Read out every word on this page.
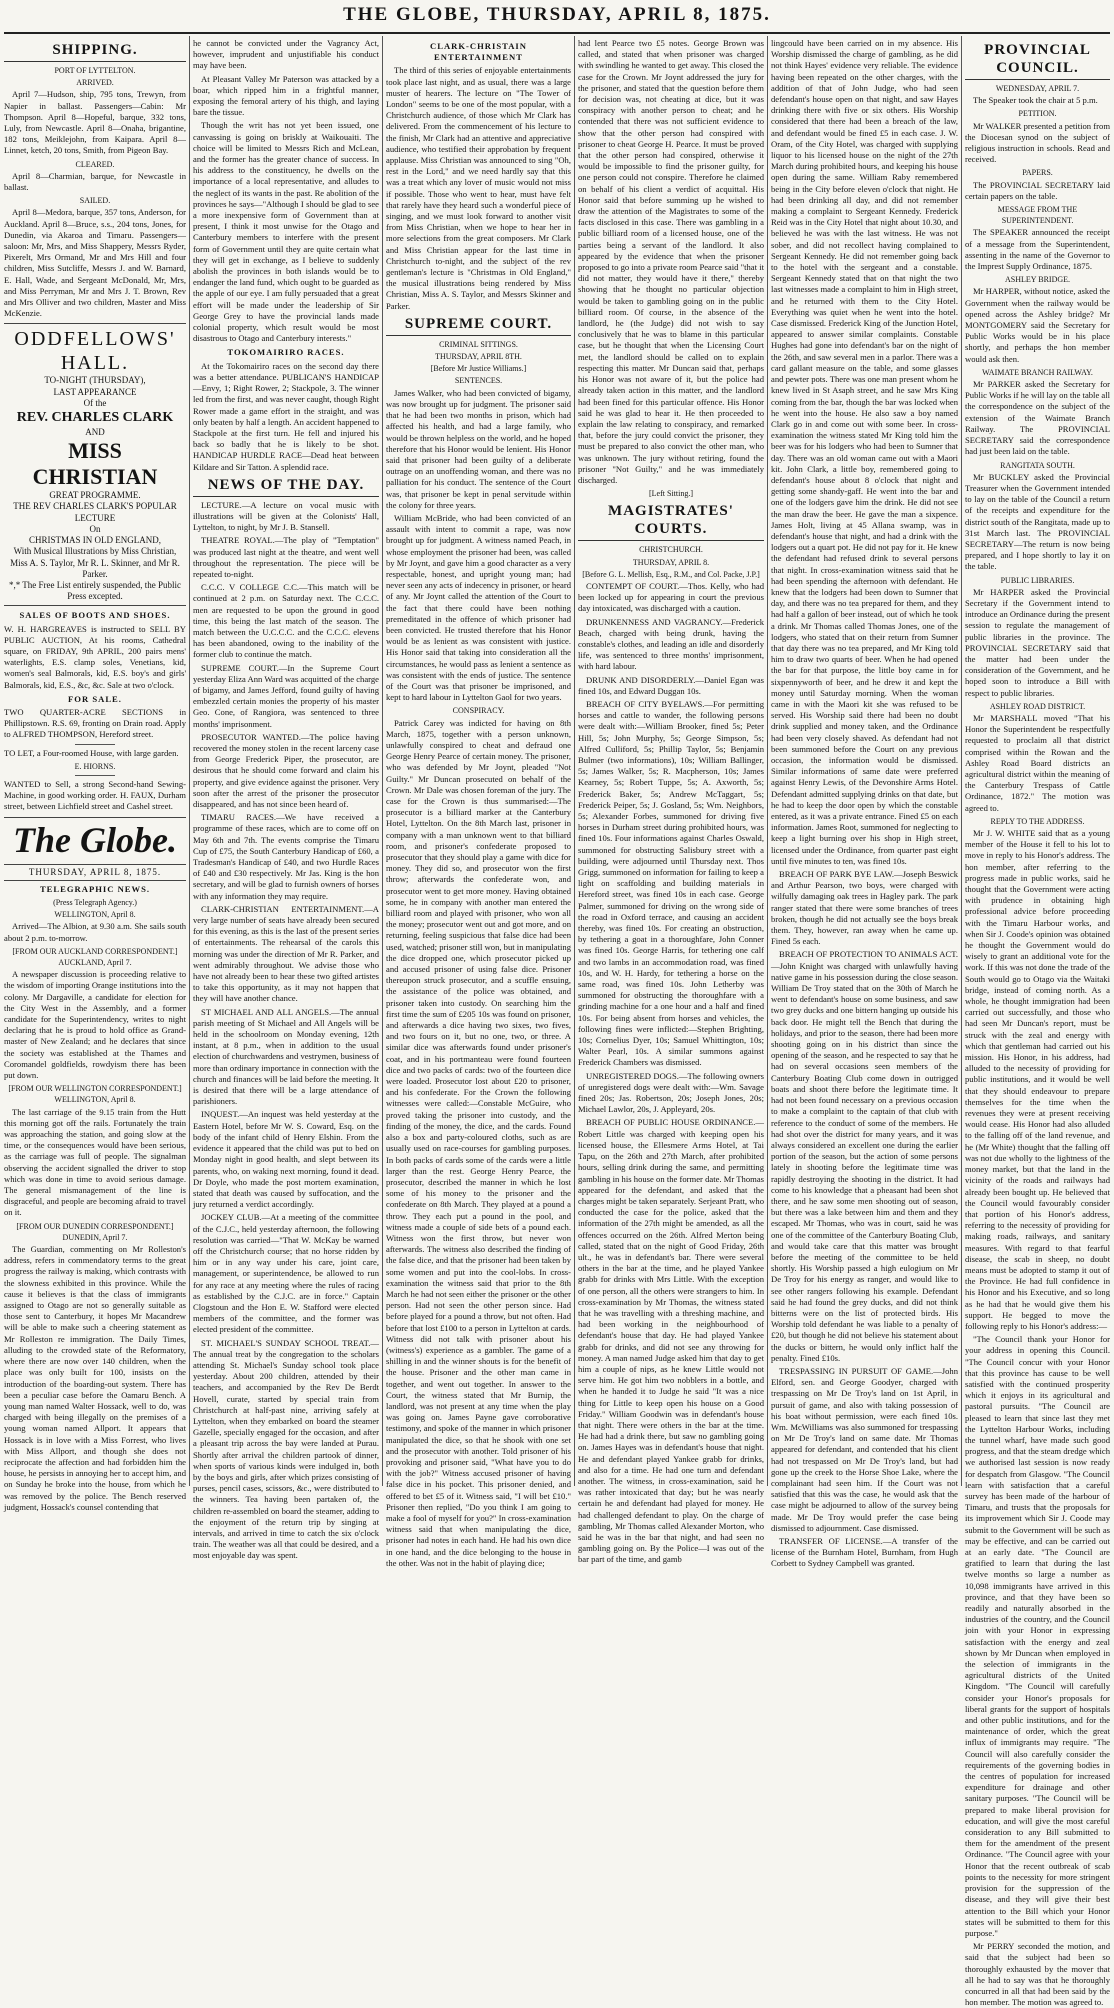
THE GLOBE, THURSDAY, APRIL 8, 1875.
SHIPPING.
PORT OF LYTTELTON.
ARRIVED.

April 7—Hudson, ship, 795 tons, Trewyn, from Napier in ballast. Passengers—Cabin: Mr Thompson. April 8—Hopeful, barque, 332 tons, Luly, from Newcastle. April 8—Onaha, brigantine, 182 tons, Meiklejohn, from Kaipara. April 8—Linnet, ketch, 20 tons, Smith, from Pigeon Bay.

CLEARED.

April 8—Charmian, barque, for Newcastle in ballast.

SAILED.

April 8—Medora, barque, 357 tons, Anderson, for Auckland. April 8—Bruce, s.s., 204 tons, Jones, for Dunedin, via Akaroa and Timaru. Passengers—saloon: Mr, Mrs, and Miss Shappery, Messrs Ryder, Pixerelt, Mrs Ormand, Mr and Mrs Hill and four children, Miss Sutcliffe, Messrs J. and W. Barnard, E. Hall, Wade, and Sergeant McDonald, Mr, Mrs, and Miss Perryman, Mr and Mrs J. T. Brown, Rev and Mrs Olliver and two children, Master and Miss McKenzie.

ODDFELLOWS' HALL.
TO-NIGHT (THURSDAY),
LAST APPEARANCE
Of the
REV. CHARLES CLARK
AND
MISS CHRISTIAN
GREAT PROGRAMME.
THE REV CHARLES CLARK'S POPULAR LECTURE
On
CHRISTMAS IN OLD ENGLAND,
With Musical Illustrations by Miss Christian, Miss A. S. Taylor, Mr R. L. Skinner, and Mr R. Parker.
*,* The Free List entirely suspended, the Public Press excepted.
SALES OF BOOTS AND SHOES.

W. H. HARGREAVES is instructed to SELL BY PUBLIC AUCTION, At his rooms, Cathedral square, on FRIDAY, 9th APRIL, 200 pairs mens' waterlights, E.S. clamp soles, Venetians, kid, women's seal Balmorals, kid, E.S. boy's and girls' Balmorals, kid, E.S., &c, &c. Sale at two o'clock.

FOR SALE.

TWO QUARTER-ACRE SECTIONS in Phillipstown. R.S. 69, fronting on Drain road. Apply to ALFRED THOMPSON, Hereford street.

TO LET, a Four-roomed House, with large garden.

E. HIORNS.

WANTED to Sell, a strong Second-hand Sewing-Machine, in good working order. H. FAUX, Durham street, between Lichfield street and Cashel street.

The Globe.
THURSDAY, APRIL 8, 1875.
TELEGRAPHIC NEWS.
(Press Telegraph Agency.)
WELLINGTON, April 8.

Arrived—The Albion, at 9.30 a.m. She sails south about 2 p.m. to-morrow.

[FROM OUR AUCKLAND CORRESPONDENT.] AUCKLAND, April 7.

A newspaper discussion is proceeding relative to the wisdom of importing Orange institutions into the colony. Mr Dargaville, a candidate for election for the City West in the Assembly, and a former candidate for the Superintendency, writes to night declaring that he is proud to hold office as Grand-master of New Zealand; and he declares that since the society was established at the Thames and Coromandel goldfields, rowdyism there has been put down.

[FROM OUR WELLINGTON CORRESPONDENT.] WELLINGTON, April 8.

The last carriage of the 9.15 train from the Hutt this morning got off the rails. Fortunately the train was approaching the station, and going slow at the time, or the consequences would have been serious, as the carriage was full of people. The signalman observing the accident signalled the driver to stop which was done in time to avoid serious damage. The general mismanagement of the line is disgraceful, and people are becoming afraid to travel on it.

[FROM OUR DUNEDIN CORRESPONDENT.] DUNEDIN, April 7.

The Guardian, commenting on Mr Rolleston's address, refers in commendatory terms to the great progress the railway is making, which contrasts with the slowness exhibited in this province. While the cause it believes is that the class of immigrants assigned to Otago are not so generally suitable as those sent to Canterbury, it hopes Mr Macandrew will be able to make such a cheering statement as Mr Rolleston re immigration. The Daily Times, alluding to the crowded state of the Reformatory, where there are now over 140 children, when the place was only built for 100, insists on the introduction of the boarding-out system. There has been a peculiar case before the Oamaru Bench. A young man named Walter Hossack, well to do, was charged with being illegally on the premises of a young woman named Allport. It appears that Hossack is in love with a Miss Forrest, who lives with Miss Allport, and though she does not reciprocate the affection and had forbidden him the house, he persists in annoying her to accept him, and on Sunday he broke into the house, from which he was removed by the police. The Bench reserved judgment, Hossack's counsel contending that

he cannot be convicted under the Vagrancy Act, however, imprudent and unjustifiable his conduct may have been.

At Pleasant Valley Mr Paterson was attacked by a boar, which ripped him in a frightful manner, exposing the femoral artery of his thigh, and laying bare the tissue.

Though the writ has not yet been issued, one canvassing is going on briskly at Waikouaiti. The choice will be limited to Messrs Rich and McLean, and the former has the greater chance of success. In his address to the constituency, he dwells on the importance of a local representative, and alludes to the neglect of its wants in the past. Re abolition of the provinces he says—"Although I should be glad to see a more inexpensive form of Government than at present, I think it most unwise for the Otago and Canterbury members to interfere with the present form of Government until they are quite certain what they will get in exchange, as I believe to suddenly abolish the provinces in both islands would be to endanger the land fund, which ought to be guarded as the apple of our eye. I am fully persuaded that a great effort will be made under the leadership of Sir George Grey to have the provincial lands made colonial property, which result would be most disastrous to Otago and Canterbury interests."

TOKOMAIRIRO RACES.

At the Tokomairiro races on the second day there was a better attendance. PUBLICAN'S HANDICAP—Envy, 1; Right Rower, 2; Stackpole, 3. The winner led from the first, and was never caught, though Right Rower made a game effort in the straight, and was only beaten by half a length. An accident happened to Stackpole at the first turn. He fell and injured his back so badly that he is likely to be shot. HANDICAP HURDLE RACE—Dead heat between Kildare and Sir Tatton. A splendid race.

NEWS OF THE DAY.

LECTURE.—A lecture on vocal music with illustrations will be given at the Colonists' Hall, Lyttelton, to night, by Mr J. B. Stansell.

THEATRE ROYAL.—The play of "Temptation" was produced last night at the theatre, and went well throughout the representation. The piece will be repeated to-night.

C.C.C. V COLLEGE C.C.—This match will be continued at 2 p.m. on Saturday next. The C.C.C. men are requested to be upon the ground in good time, this being the last match of the season. The match between the U.C.C.C. and the C.C.C. elevens has been abandoned, owing to the inability of the former club to continue the match.

SUPREME COURT.—In the Supreme Court yesterday Eliza Ann Ward was acquitted of the charge of bigamy, and James Jefford, found guilty of having embezzled certain monies the property of his master Geo. Cone, of Rangiora, was sentenced to three months' imprisonment.

PROSECUTOR WANTED.—The police having recovered the money stolen in the recent larceny case from George Frederick Piper, the prosecutor, are desirous that he should come forward and claim his property, and give evidence against the prisoner. Very soon after the arrest of the prisoner the prosecutor disappeared, and has not since been heard of.

TIMARU RACES.—We have received a programme of these races, which are to come off on May 6th and 7th. The events comprise the Timaru Cup of £75, the South Canterbury Handicap of £60, a Tradesman's Handicap of £40, and two Hurdle Races of £40 and £30 respectively. Mr Jas. King is the hon secretary, and will be glad to furnish owners of horses with any information they may require.

CLARK-CHRISTIAN ENTERTAINMENT.—A very large number of seats have already been secured for this evening, as this is the last of the present series of entertainments. The rehearsal of the carols this morning was under the direction of Mr R. Parker, and went admirably throughout. We advise those who have not already been to hear these two gifted artistes to take this opportunity, as it may not happen that they will have another chance.

ST MICHAEL AND ALL ANGELS.—The annual parish meeting of St Michael and All Angels will be held in the schoolroom on Monday evening, 12th instant, at 8 p.m., when in addition to the usual election of churchwardens and vestrymen, business of more than ordinary importance in connection with the church and finances will be laid before the meeting. It is desired that there will be a large attendance of parishioners.

INQUEST.—An inquest was held yesterday at the Eastern Hotel, before Mr W. S. Coward, Esq. on the body of the infant child of Henry Elshin. From the evidence it appeared that the child was put to bed on Monday night in good health, and slept between its parents, who, on waking next morning, found it dead. Dr Doyle, who made the post mortem examination, stated that death was caused by suffocation, and the jury returned a verdict accordingly.

JOCKEY CLUB.—At a meeting of the committee of the C.J.C., held yesterday afternoon, the following resolution was carried—"That W. McKay be warned off the Christchurch course; that no horse ridden by him or in any way under his care, joint care, management, or superintendence, be allowed to run for any race at any meeting where the rules of racing as established by the C.J.C. are in force." Captain Clogstoun and the Hon E. W. Stafford were elected members of the committee, and the former was elected president of the committee.

ST. MICHAEL'S SUNDAY SCHOOL TREAT.—The annual treat by the congregation to the scholars attending St. Michael's Sunday school took place yesterday. About 200 children, attended by their teachers, and accompanied by the Rev De Berdt Hovell, curate, started by special train from Christchurch at half-past nine, arriving safely at Lyttelton, when they embarked on board the steamer Gazelle, specially engaged for the occasion, and after a pleasant trip across the bay were landed at Purau. Shortly after arrival the children partook of dinner, when sports of various kinds were indulged in, both by the boys and girls, after which prizes consisting of purses, pencil cases, scissors, &c., were distributed to the winners. Tea having been partaken of, the children re-assembled on board the steamer, adding to the enjoyment of the return trip by singing at intervals, and arrived in time to catch the six o'clock train. The weather was all that could be desired, and a most enjoyable day was spent.

CLARK-CHRISTAIN ENTERTAINMENT

The third of this series of enjoyable entertainments took place last night, and as usual, there was a large muster of hearers. The lecture on "The Tower of London" seems to be one of the most popular, with a Christchurch audience, of those which Mr Clark has delivered. From the commencement of his lecture to the finish, Mr Clark had an attentive and appreciative audience, who testified their approbation by frequent applause. Miss Christian was announced to sing "Oh, rest in the Lord," and we need hardly say that this was a treat which any lover of music would not miss if possible. Those who went to hear, must have felt that rarely have they heard such a wonderful piece of singing, and we must look forward to another visit from Miss Christian, when we hope to hear her in more selections from the great composers. Mr Clark and Miss Christian appear for the last time in Christchurch to-night, and the subject of the rev gentleman's lecture is "Christmas in Old England," the musical illustrations being rendered by Miss Christian, Miss A. S. Taylor, and Messrs Skinner and Parker.

SUPREME COURT.
CRIMINAL SITTINGS.
THURSDAY, APRIL 8TH.
[Before Mr Justice Williams.]
SENTENCES.

James Walker, who had been convicted of bigamy, was now brought up for judgment. The prisoner said that he had been two months in prison, which had affected his health, and had a large family, who would be thrown helpless on the world, and he hoped therefore that his Honor would be lenient. His Honor said that prisoner had been guilty of a deliberate outrage on an unoffending woman, and there was no palliation for his conduct. The sentence of the Court was, that prisoner be kept in penal servitude within the colony for three years.

William McBride, who had been convicted of an assault with intent to commit a rape, was now brought up for judgment. A witness named Peach, in whose employment the prisoner had been, was called by Mr Joynt, and gave him a good character as a very respectable, honest, and upright young man; had never seen any acts of indecency in prisoner, or heard of any. Mr Joynt called the attention of the Court to the fact that there could have been nothing premeditated in the offence of which prisoner had been convicted. He trusted therefore that his Honor would be as lenient as was consistent with justice. His Honor said that taking into consideration all the circumstances, he would pass as lenient a sentence as was consistent with the ends of justice. The sentence of the Court was that prisoner be imprisoned, and kept to hard labour in Lyttelton Gaol for two years.

CONSPIRACY.

Patrick Carey was indicted for having on 8th March, 1875, together with a person unknown, unlawfully conspired to cheat and defraud one George Henry Pearce of certain money. The prisoner, who was defended by Mr Joynt, pleaded "Not Guilty." Mr Duncan prosecuted on behalf of the Crown. Mr Dale was chosen foreman of the jury. The case for the Crown is thus summarised:—The prosecutor is a billiard marker at the Canterbury Hotel, Lyttelton. On the 8th March last, prisoner in company with a man unknown went to that billiard room, and prisoner's confederate proposed to prosecutor that they should play a game with dice for money. They did so, and prosecutor won the first throw; afterwards the confederate won, and prosecutor went to get more money. Having obtained some, he in company with another man entered the billiard room and played with prisoner, who won all the money; prosecutor went out and got more, and on returning, feeling suspicious that false dice had been used, watched; prisoner still won, but in manipulating the dice dropped one, which prosecutor picked up and accused prisoner of using false dice. Prisoner thereupon struck prosecutor, and a scuffle ensuing, the assistance of the police was obtained, and prisoner taken into custody. On searching him the first time the sum of £205 10s was found on prisoner, and afterwards a dice having two sixes, two fives, and two fours on it, but no one, two, or three. A similar dice was afterwards found under prisoner's coat, and in his portmanteau were found fourteen dice and two packs of cards: two of the fourteen dice were loaded. Prosecutor lost about £20 to prisoner, and his confederate. For the Crown the following witnesses were called:—Constable McGuire, who proved taking the prisoner into custody, and the finding of the money, the dice, and the cards. Found also a box and party-coloured cloths, such as are usually used on race-courses for gambling purposes. In both packs of cards some of the cards were a little larger than the rest. George Henry Pearce, the prosecutor, described the manner in which he lost some of his money to the prisoner and the confederate on 8th March. They played at a pound a throw. They each put a pound in the pool, and witness made a couple of side bets of a pound each. Witness won the first throw, but never won afterwards. The witness also described the finding of the false dice, and that the prisoner had been taken by some women and put into the cool-lobs. In cross-examination the witness said that prior to the 8th March he had not seen either the prisoner or the other person. Had not seen the other person since. Had before played for a pound a throw, but not often. Had before that lost £100 to a person in Lyttelton at cards. Witness did not talk with prisoner about his (witness's) experience as a gambler. The game of a shilling in and the winner shouts is for the benefit of the house. Prisoner and the other man came in together, and went out together. In answer to the Court, the witness stated that Mr Burnip, the landlord, was not present at any time when the play was going on. James Payne gave corroborative testimony, and spoke of the manner in which prisoner manipulated the dice, so that he shook with one set and the prosecutor with another. Told prisoner of his provoking and prisoner said, "What have you to do with the job?" Witness accused prisoner of having false dice in his pocket. This prisoner denied, and offered to bet £5 of it. Witness said, "I will bet £10." Prisoner then replied, "Do you think I am going to make a fool of myself for you?" In cross-examination witness said that when manipulating the dice, prisoner had notes in each hand. He had his own dice in one hand, and the dice belonging to the house in the other. Was not in the habit of playing dice;

had lent Pearce two £5 notes. George Brown was called, and stated that when prisoner was charged with swindling he wanted to get away. This closed the case for the Crown. Mr Joynt addressed the jury for the prisoner, and stated that the question before them for decision was, not cheating at dice, but it was conspiracy with another person to cheat; and he contended that there was not sufficient evidence to show that the other person had conspired with prisoner to cheat George H. Pearce. It must be proved that the other person had conspired, otherwise it would be impossible to find the prisoner guilty, for one person could not conspire. Therefore he claimed on behalf of his client a verdict of acquittal. His Honor said that before summing up he wished to draw the attention of the Magistrates to some of the facts disclosed in this case. There was gambling in a public billiard room of a licensed house, one of the parties being a servant of the landlord. It also appeared by the evidence that when the prisoner proposed to go into a private room Pearce said "that it did not matter, they would have it there," thereby showing that he thought no particular objection would be taken to gambling going on in the public billiard room. Of course, in the absence of the landlord, he (the Judge) did not wish to say conclusively that he was to blame in this particular case, but he thought that when the Licensing Court met, the landlord should be called on to explain respecting this matter. Mr Duncan said that, perhaps his Honor was not aware of it, but the police had already taken action in this matter, and the landlord had been fined for this particular offence. His Honor said he was glad to hear it. He then proceeded to explain the law relating to conspiracy, and remarked that, before the jury could convict the prisoner, they must be prepared to also convict the other man, who was unknown. The jury without retiring, found the prisoner "Not Guilty," and he was immediately discharged.

[Left Sitting.]
MAGISTRATES' COURTS.
CHRISTCHURCH.
THURSDAY, APRIL 8.
[Before G. L. Mellish, Esq., R.M., and Col. Packe, J.P.]

CONTEMPT OF COURT.—Thos. Kelly, who had been locked up for appearing in court the previous day intoxicated, was discharged with a caution.

DRUNKENNESS AND VAGRANCY.—Frederick Beach, charged with being drunk, having the constable's clothes, and leading an idle and disorderly life, was sentenced to three months' imprisonment, with hard labour.

DRUNK AND DISORDERLY.—Daniel Egan was fined 10s, and Edward Duggan 10s.

BREACH OF CITY BYELAWS.—For permitting horses and cattle to wander, the following persons were dealt with:—William Brooker, fined 5s; Peter Hill, 5s; John Murphy, 5s; George Simpson, 5s; Alfred Culliford, 5s; Phillip Taylor, 5s; Benjamin Bulmer (two informations), 10s; William Ballinger, 5s; James Walker, 5s; R. Macpherson, 10s; James Kearney, 5s; Robert Tuppe, 5s; A. Axworth, 5s; Frederick Baker, 5s; Andrew McTaggart, 5s; Frederick Peiper, 5s; J. Gosland, 5s; Wm. Neighbors, 5s; Alexander Forbes, summoned for driving five horses in Durham street during prohibited hours, was fined 10s. Four informations against Charles Oswald, summoned for obstructing Salisbury street with a building, were adjourned until Thursday next. Thos Grigg, summoned on information for failing to keep a light on scaffolding and building materials in Hereford street, was fined 10s in each case. George Palmer, summoned for driving on the wrong side of the road in Oxford terrace, and causing an accident thereby, was fined 10s. For creating an obstruction, by tethering a goat in a thoroughfare, John Conner was fined 10s. George Harris, for tethering one calf and two lambs in an accommodation road, was fined 10s, and W. H. Hardy, for tethering a horse on the same road, was fined 10s. John Letherby was summoned for obstructing the thoroughfare with a grinding machine for a one hour and a half and fined 10s. For being absent from horses and vehicles, the following fines were inflicted:—Stephen Brighting, 10s; Cornelius Dyer, 10s; Samuel Whittington, 10s; Walter Pearl, 10s. A similar summons against Frederick Chambers was dismissed.

UNREGISTERED DOGS.—The following owners of unregistered dogs were dealt with:—Wm. Savage fined 20s; Jas. Robertson, 20s; Joseph Jones, 20s; Michael Lawlor, 20s, J. Appleyard, 20s.

BREACH OF PUBLIC HOUSE ORDINANCE.—Robert Little was charged with keeping open his licensed house, the Ellesmere Arms Hotel, at Tai Tapu, on the 26th and 27th March, after prohibited hours, selling drink during the same, and permitting gambling in his house on the former date. Mr Thomas appeared for the defendant, and asked that the charges might be taken separately. Serjeant Pratt, who conducted the case for the police, asked that the information of the 27th might be amended, as all the offences occurred on the 26th. Alfred Merton being called, stated that on the night of Good Friday, 26th ult., he was in defendant's bar. There were several others in the bar at the time, and he played Yankee grabb for drinks with Mrs Little. With the exception of one person, all the others were strangers to him. In cross-examination by Mr Thomas, the witness stated that he was travelling with a threshing machine, and had been working in the neighbourhood of defendant's house that day. He had played Yankee grabb for drinks, and did not see any throwing for money. A man named Judge asked him that day to get him a couple of nips, as he knew Little would not serve him. He got him two nobblers in a bottle, and when he handed it to Judge he said "It was a nice thing for Little to keep open his house on a Good Friday." William Goodwin was in defendant's house that night. There were others in the bar at the time. He had had a drink there, but saw no gambling going on. James Hayes was in defendant's house that night. He and defendant played Yankee grabb for drinks, and also for a time. He had one turn and defendant another. The witness, in cross-examination, said he was rather intoxicated that day; but he was nearly certain he and defendant had played for money. He had challenged defendant to play. On the charge of gambling, Mr Thomas called Alexander Morton, who said he was in the bar that night, and had seen no gambling going on. By the Police—I was out of the bar part of the time, and gamb

lingcould have been carried on in my absence. His Worship dismissed the charge of gambling, as he did not think Hayes' evidence very reliable. The evidence having been repeated on the other charges, with the addition of that of John Judge, who had seen defendant's house open on that night, and saw Hayes drinking there with five or six others. His Worship considered that there had been a breach of the law, and defendant would be fined £5 in each case. J. W. Oram, of the City Hotel, was charged with supplying liquor to his licensed house on the night of the 27th March during prohibited hours, and keeping his house open during the same. William Raby remembered being in the City before eleven o'clock that night. He had been drinking all day, and did not remember making a complaint to Sergeant Kennedy. Frederick Reid was in the City Hotel that night about 10.30, and believed he was with the last witness. He was not sober, and did not recollect having complained to Sergeant Kennedy. He did not remember going back to the hotel with the sergeant and a constable. Sergeant Kennedy stated that on that night the two last witnesses made a complaint to him in High street, and he returned with them to the City Hotel. Everything was quiet when he went into the hotel. Case dismissed. Frederick King of the Junction Hotel, appeared to answer similar complaints. Constable Hughes had gone into defendant's bar on the night of the 26th, and saw several men in a parlor. There was a card gallant measure on the table, and some glasses and pewter pots. There was one man present whom he knew lived in St Asaph street, and he saw Mrs King coming from the bar, though the bar was locked when he went into the house. He also saw a boy named Clark go in and come out with some beer. In cross-examination the witness stated Mr King told him the beer was for his lodgers who had been to Sumner that day. There was an old woman came out with a Maori kit. John Clark, a little boy, remembered going to defendant's house about 8 o'clock that night and getting some shandy-gaff. He went into the bar and one of the lodgers gave him the drink. He did not see the man draw the beer. He gave the man a sixpence. James Holt, living at 45 Allana swamp, was in defendant's house that night, and had a drink with the lodgers out a quart pot. He did not pay for it. He knew the defendant had refused drink to several persons that night. In cross-examination witness said that he had been spending the afternoon with defendant. He knew that the lodgers had been down to Sumner that day, and there was no tea prepared for them, and they had half a gallon of beer instead, out of which he took a drink. Mr Thomas called Thomas Jones, one of the lodgers, who stated that on their return from Sumner that day there was no tea prepared, and Mr King told him to draw two quarts of beer. When he had opened the bar for that purpose, the little boy came in for sixpennyworth of beer, and he drew it and kept the money until Saturday morning. When the woman came in with the Maori kit she was refused to be served. His Worship said there had been no doubt drink supplied and money taken, and the Ordinance had been very closely shaved. As defendant had not been summoned before the Court on any previous occasion, the information would be dismissed. Similar informations of same date were preferred against Henry Lewis, of the Devonshire Arms Hotel. Defendant admitted supplying drinks on that date, but he had to keep the door open by which the constable entered, as it was a private entrance. Fined £5 on each information. James Root, summoned for neglecting to keep a light burning over his shop in High street, licensed under the Ordinance, from quarter past eight until five minutes to ten, was fined 10s.

BREACH OF PARK BYE LAW.—Joseph Beswick and Arthur Pearson, two boys, were charged with wilfully damaging oak trees in Hagley park. The park ranger stated that there were some branches of trees broken, though he did not actually see the boys break them. They, however, ran away when he came up. Fined 5s each.

BREACH OF PROTECTION TO ANIMALS ACT.—John Knight was charged with unlawfully having native game in his possession during the close season. William De Troy stated that on the 30th of March he went to defendant's house on some business, and saw two grey ducks and one bittern hanging up outside his back door. He might tell the Bench that during the holidays, and prior to the season, there had been more shooting going on in his district than since the opening of the season, and he respected to say that he had on several occasions seen members of the Canterbury Boating Club come down in outrigged boats and shoot there before the legitimate time. It had not been found necessary on a previous occasion to make a complaint to the captain of that club with reference to the conduct of some of the members. He had shot over the district for many years, and it was always considered an excellent one during the earlier portion of the season, but the action of some persons lately in shooting before the legitimate time was rapidly destroying the shooting in the district. It had come to his knowledge that a pheasant had been shot there, and he saw some men shooting out of season, but there was a lake between him and them and they escaped. Mr Thomas, who was in court, said he was one of the committee of the Canterbury Boating Club, and would take care that this matter was brought before the meeting of the committee to be held shortly. His Worship passed a high eulogium on Mr De Troy for his energy as ranger, and would like to see other rangers following his example. Defendant said he had found the grey ducks, and did not think bitterns were on the list of protected birds. His Worship told defendant he was liable to a penalty of £20, but though he did not believe his statement about the ducks or bittern, he would only inflict half the penalty. Fined £10s.

TRESPASSING IN PURSUIT OF GAME.—John Elford, sen. and George Goodyer, charged with trespassing on Mr De Troy's land on 1st April, in pursuit of game, and also with taking possession of his boat without permission, were each fined 10s. Wm. McWilliams was also summoned for trespassing on Mr De Troy's land on same date. Mr Thomas appeared for defendant, and contended that his client had not trespassed on Mr De Troy's land, but had gone up the creek to the Horse Shoe Lake, where the complainant had seen him. If the Court was not satisfied that this was the case, he would ask that the case might be adjourned to allow of the survey being made. Mr De Troy would prefer the case being dismissed to adjournment. Case dismissed.

TRANSFER OF LICENSE.—A transfer of the license of the Burnham Hotel, Burnham, from Hugh Corbett to Sydney Campbell was granted.

PROVINCIAL COUNCIL.
WEDNESDAY, APRIL 7.

The Speaker took the chair at 5 p.m.

PETITION.

Mr WALKER presented a petition from the Diocesan synod on the subject of religious instruction in schools. Read and received.

PAPERS.

The PROVINCIAL SECRETARY laid certain papers on the table.

MESSAGE FROM THE SUPERINTENDENT.

The SPEAKER announced the receipt of a message from the Superintendent, assenting in the name of the Governor to the Imprest Supply Ordinance, 1875.

ASHLEY BRIDGE.

Mr HARPER, without notice, asked the Government when the railway would be opened across the Ashley bridge? Mr MONTGOMERY said the Secretary for Public Works would be in his place shortly, and perhaps the hon member would ask then.

WAIMATE BRANCH RAILWAY.

Mr PARKER asked the Secretary for Public Works if he will lay on the table all the correspondence on the subject of the extension of the Waimate Branch Railway. The PROVINCIAL SECRETARY said the correspondence had just been laid on the table.

RANGITATA SOUTH.

Mr BUCKLEY asked the Provincial Treasurer when the Government intended to lay on the table of the Council a return of the receipts and expenditure for the district south of the Rangitata, made up to 31st March last. The PROVINCIAL SECRETARY—The return is now being prepared, and I hope shortly to lay it on the table.

PUBLIC LIBRARIES.

Mr HARPER asked the Provincial Secretary if the Government intend to introduce an Ordinance during the present session to regulate the management of public libraries in the province. The PROVINCIAL SECRETARY said that the matter had been under the consideration of the Government, and he hoped soon to introduce a Bill with respect to public libraries.

ASHLEY ROAD DISTRICT.

Mr MARSHALL moved "That his Honor the Superintendent be respectfully requested to proclaim all that district comprised within the Rowan and the Ashley Road Board districts an agricultural district within the meaning of the Canterbury Trespass of Cattle Ordinance, 1872." The motion was agreed to.

REPLY TO THE ADDRESS.

Mr J. W. WHITE said that as a young member of the House it fell to his lot to move in reply to his Honor's address. The hon member, after referring to the progress made in public works, said he thought that the Government were acting with prudence in obtaining high professional advice before proceeding with the Timaru Harbour works, and when Sir J. Coode's opinion was obtained he thought the Government would do wisely to grant an additional vote for the work. If this was not done the trade of the South would go to Otago via the Waitaki bridge, instead of coming north. As a whole, he thought immigration had been carried out successfully, and those who had seen Mr Duncan's report, must be struck with the zeal and energy with which that gentleman had carried out his mission. His Honor, in his address, had alluded to the necessity of providing for public institutions, and it would be well that they should endeavour to prepare themselves for the time when the revenues they were at present receiving would cease. His Honor had also alluded to the falling off of the land revenue, and he (Mr White) thought that the falling off was not due wholly to the lightness of the money market, but that the land in the vicinity of the roads and railways had already been bought up. He believed that the Council would favourably consider that portion of his Honor's address, referring to the necessity of providing for making roads, railways, and sanitary measures. With regard to that fearful disease, the scab in sheep, no doubt means must be adopted to stamp it out of the Province. He had full confidence in his Honor and his Executive, and so long as he had that he would give them his support. He begged to move the following reply to his Honor's address:—

"The Council thank your Honor for your address in opening this Council. "The Council concur with your Honor that this province has cause to be well satisfied with the continued prosperity which it enjoys in its agricultural and pastoral pursuits. "The Council are pleased to learn that since last they met the Lyttelton Harbour Works, including the tunnel wharf, have made such good progress, and that the steam dredge which we authorised last session is now ready for despatch from Glasgow. "The Council learn with satisfaction that a careful survey has been made of the harbour of Timaru, and trusts that the proposals for its improvement which Sir J. Coode may submit to the Government will be such as may be effective, and can be carried out at an early date. "The Council are gratified to learn that during the last twelve months so large a number as 10,098 immigrants have arrived in this province, and that they have been so readily and naturally absorbed in the industries of the country, and the Council join with your Honor in expressing satisfaction with the energy and zeal shown by Mr Duncan when employed in the selection of immigrants in the agricultural districts of the United Kingdom. "The Council will carefully consider your Honor's proposals for liberal grants for the support of hospitals and other public institutions, and for the maintenance of order, which the great influx of immigrants may require. "The Council will also carefully consider the requirements of the governing bodies in the centres of population for increased expenditure for drainage and other sanitary purposes. "The Council will be prepared to make liberal provision for education, and will give the most careful consideration to any Bill submitted to them for the amendment of the present Ordinance. "The Council agree with your Honor that the recent outbreak of scab points to the necessity for more stringent provision for the suppression of the disease, and they will give their best attention to the Bill which your Honor states will be submitted to them for this purpose."

Mr PERRY seconded the motion, and said that the subject had been so thoroughly exhausted by the mover that all he had to say was that he thoroughly concurred in all that had been said by the hon member. The motion was agreed to.
